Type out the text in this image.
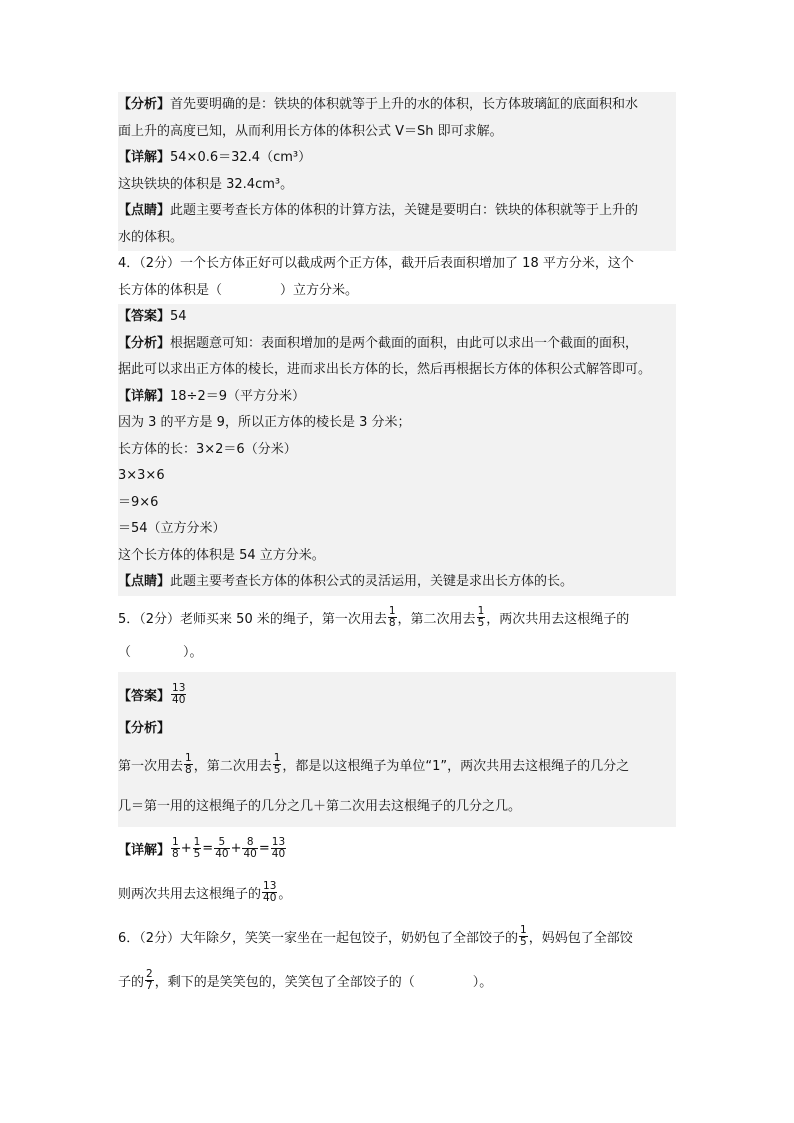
【分析】首先要明确的是：铁块的体积就等于上升的水的体积，长方体玻璃缸的底面积和水
面上升的高度已知，从而利用长方体的体积公式 V＝Sh 即可求解。
【详解】54×0.6＝32.4（cm³）
这块铁块的体积是 32.4cm³。
【点睛】此题主要考查长方体的体积的计算方法，关键是要明白：铁块的体积就等于上升的
水的体积。
4．（2分）一个长方体正好可以截成两个正方体，截开后表面积增加了 18 平方分米，这个
长方体的体积是（	）立方分米。
【答案】54
【分析】根据题意可知：表面积增加的是两个截面的面积，由此可以求出一个截面的面积，
据此可以求出正方体的棱长，进而求出长方体的长，然后再根据长方体的体积公式解答即可。
【详解】18÷2＝9（平方分米）
因为 3 的平方是 9，所以正方体的棱长是 3 分米；
长方体的长：3×2＝6（分米）
3×3×6
＝9×6
＝54（立方分米）
这个长方体的体积是 54 立方分米。
【点睛】此题主要考查长方体的体积公式的灵活运用，关键是求出长方体的长。
5．（2分）老师买来 50 米的绳子，第一次用去 $\frac{1}{8}$ ，第二次用去 $\frac{1}{5}$ ，两次共用去这根绳子的
（　　　　）。
【答案】 $\frac{13}{40}$
【分析】
第一次用去 $\frac{1}{8}$ ，第二次用去 $\frac{1}{5}$ ，都是以这根绳子为单位“1”，两次共用去这根绳子的几分之
几＝第一用的这根绳子的几分之几＋第二次用去这根绳子的几分之几。
【详解】 $\frac{1}{8} + \frac{1}{5} = \frac{5}{40} + \frac{8}{40} = \frac{13}{40}$
则两次共用去这根绳子的 $\frac{13}{40}$ 。
6．（2分）大年除夕，笑笑一家坐在一起包饺子，奶奶包了全部饺子的 $\frac{1}{5}$ ，妈妈包了全部饺
子的 $\frac{2}{7}$ ，剩下的是笑笑包的，笑笑包了全部饺子的（	）。
